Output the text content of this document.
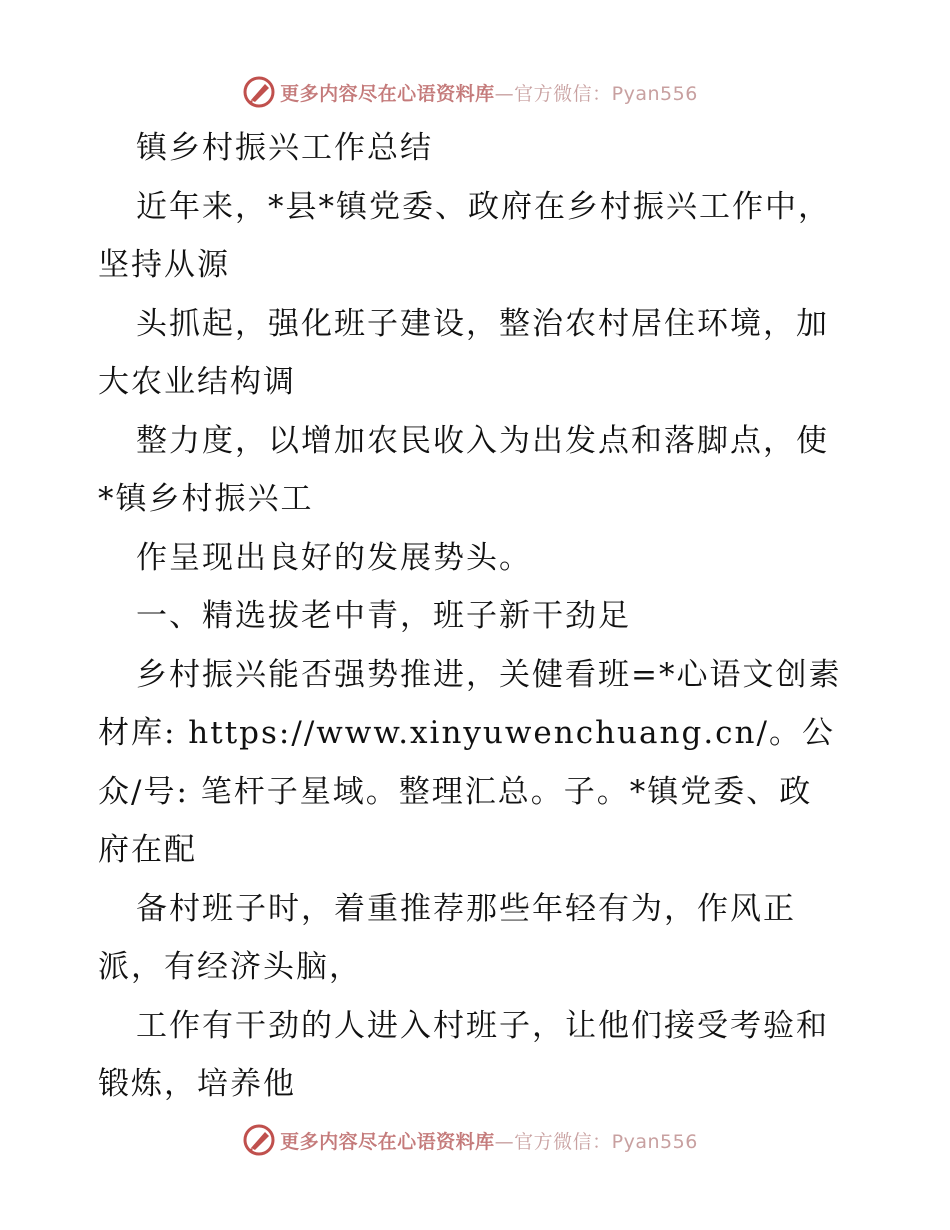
更多内容尽在心语资料库—官方微信：Pyan556
镇乡村振兴工作总结
近年来，*县*镇党委、政府在乡村振兴工作中，
坚持从源
头抓起，强化班子建设，整治农村居住环境，加
大农业结构调
整力度，以增加农民收入为出发点和落脚点，使
*镇乡村振兴工
作呈现出良好的发展势头。
一、精选拔老中青，班子新干劲足
乡村振兴能否强势推进，关健看班=*心语文创素
材库: https://www.xinyuwenchuang.cn/。公
众/号: 笔杆子星域。整理汇总。子。*镇党委、政
府在配
备村班子时，着重推荐那些年轻有为，作风正
派，有经济头脑，
工作有干劲的人进入村班子，让他们接受考验和
锻炼，培养他
更多内容尽在心语资料库—官方微信：Pyan556
